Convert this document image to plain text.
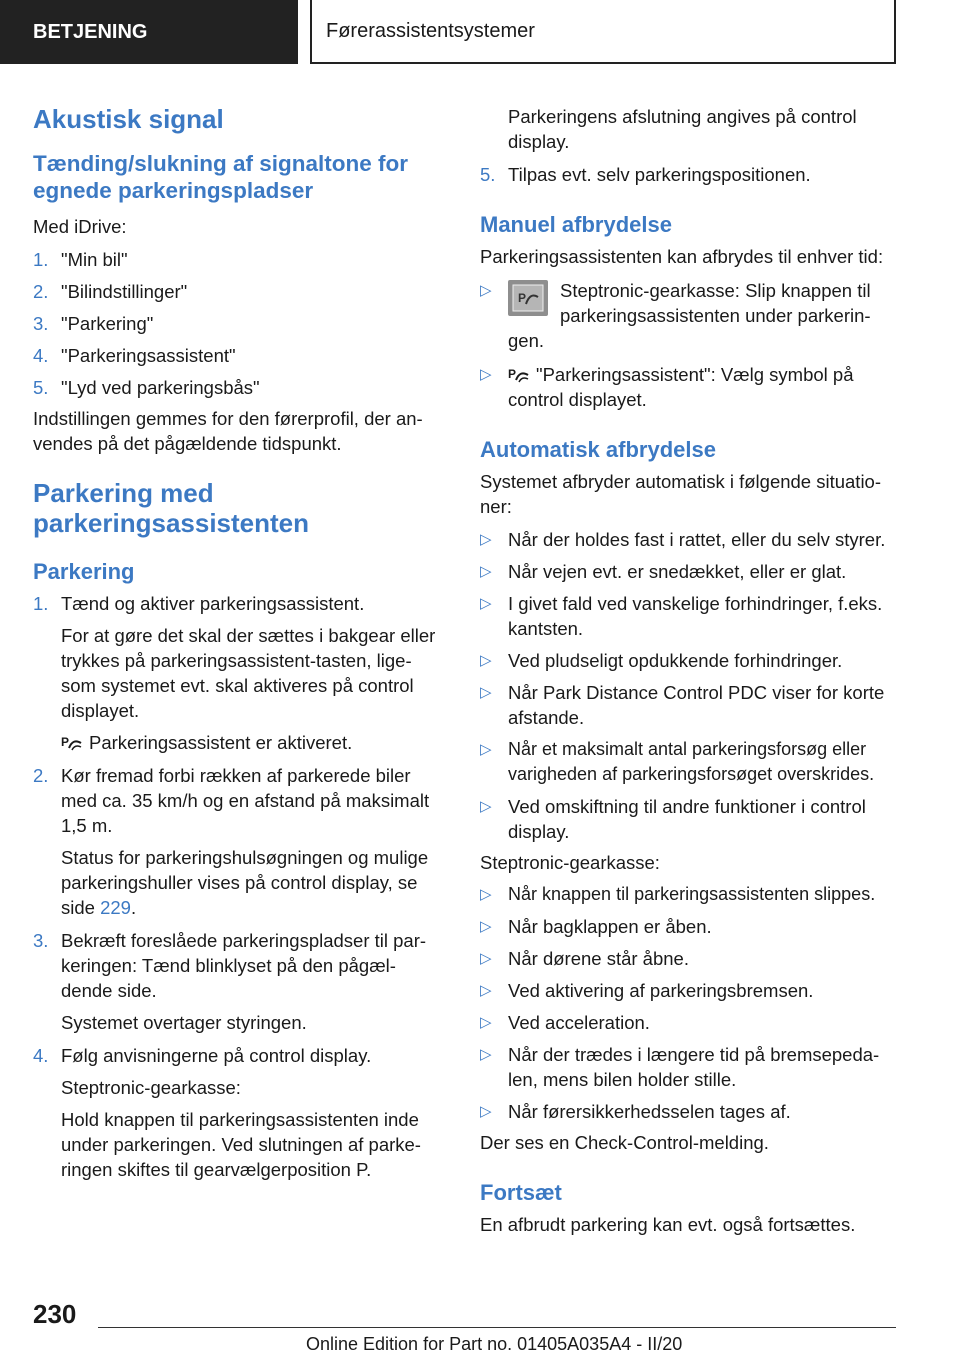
BETJENING	Førerassistentsystemer
Akustisk signal
Tænding/slukning af signaltone for egnede parkeringspladser

Med iDrive:

1. "Min bil"
2. "Bilindstillinger"
3. "Parkering"
4. "Parkeringsassistent"
5. "Lyd ved parkeringsbås"

Indstillingen gemmes for den førerprofil, der an-vendes på det pågældende tidspunkt.

Parkering med parkeringsassistenten
Parkering
1. Tænd og aktiver parkeringsassistent.

For at gøre det skal der sættes i bakgear eller trykkes på parkeringsassistent-tasten, lige-som systemet evt. skal aktiveres på control displayet.

P Parkeringsassistent er aktiveret.

2. Kør fremad forbi rækken af parkerede biler med ca. 35 km/h og en afstand på maksimalt 1,5 m.

Status for parkeringshulsøgningen og mulige parkeringshuller vises på control display, se side 229.

3. Bekræft foreslåede parkeringspladser til par-keringen: Tænd blinklyset på den pågæl-dende side.

Systemet overtager styringen.

4. Følg anvisningerne på control display.

Steptronic-gearkasse:

Hold knappen til parkeringsassistenten inde under parkeringen. Ved slutningen af parke-ringen skiftes til gearvælgerposition P.

Parkeringens afslutning angives på control display.

5. Tilpas evt. selv parkeringspositionen.
Manuel afbrydelse

Parkeringsassistenten kan afbrydes til enhver tid:

▷	P Steptronic-gearkasse: Slip knappen til parkeringsassistenten under parkerin-gen.
▷	P "Parkeringsassistent": Vælg symbol på control displayet.
Automatisk afbrydelse

Systemet afbryder automatisk i følgende situatio-ner:

▷ Når der holdes fast i rattet, eller du selv styrer.
▷ Når vejen evt. er snedækket, eller er glat.
▷ I givet fald ved vanskelige forhindringer, f.eks. kantsten.
▷ Ved pludseligt opdukkende forhindringer.
▷ Når Park Distance Control PDC viser for korte afstande.
▷ Når et maksimalt antal parkeringsforsøg eller varigheden af parkeringsforsøget overskrides.
▷ Ved omskiftning til andre funktioner i control display.

Steptronic-gearkasse:

▷ Når knappen til parkeringsassistenten slippes.
▷ Når bagklappen er åben.
▷ Når dørene står åbne.
▷ Ved aktivering af parkeringsbremsen.
▷ Ved acceleration.
▷ Når der trædes i længere tid på bremsepeda-len, mens bilen holder stille.
▷ Når førersikkerhedsselen tages af.

Der ses en Check-Control-melding.

Fortsæt

En afbrudt parkering kan evt. også fortsættes.

230
Online Edition for Part no. 01405A035A4 - II/20
